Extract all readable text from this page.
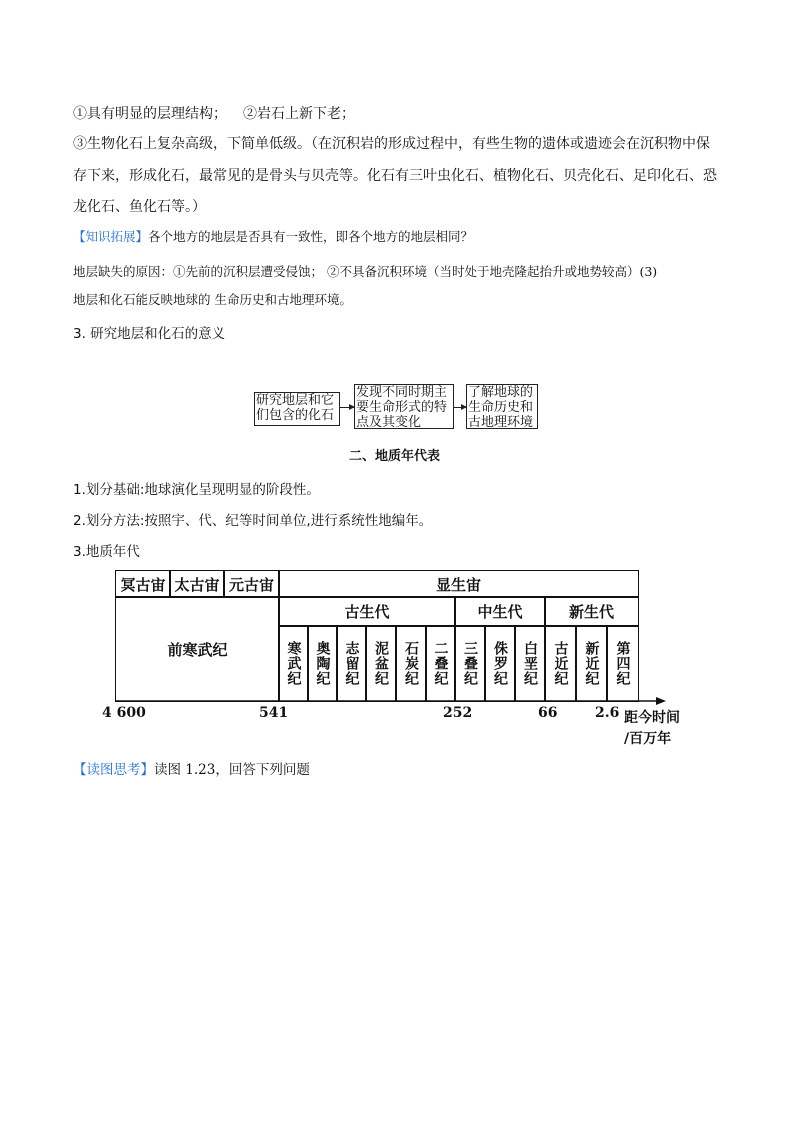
①具有明显的层理结构； ②岩石上新下老；
③生物化石上复杂高级，下简单低级。（在沉积岩的形成过程中，有些生物的遗体或遗迹会在沉积物中保
存下来，形成化石，最常见的是骨头与贝壳等。化石有三叶虫化石、植物化石、贝壳化石、足印化石、恐
龙化石、鱼化石等。）
【知识拓展】各个地方的地层是否具有一致性，即各个地方的地层相同？
地层缺失的原因：①先前的沉积层遭受侵蚀； ②不具备沉积环境（当时处于地壳隆起抬升或地势较高）(3)
地层和化石能反映地球的 生命历史和古地理环境。
3. 研究地层和化石的意义
研究地层和它
们包含的化石
发现不同时期主
要生命形式的特
点及其变化
了解地球的
生命历史和
古地理环境
二、地质年代表
1.划分基础:地球演化呈现明显的阶段性。
2.划分方法:按照宇、代、纪等时间单位,进行系统性地编年。
3.地质年代
冥古宙 太古宙 元古宙	显生宙
前寒武纪
古生代	中生代	新生代
寒武纪 奥陶纪 志留纪 泥盆纪 石炭纪 二叠纪 三叠纪 侏罗纪 白垩纪 古近纪 新近纪 第四纪
4 600	541	252	66	2.6 距今时间
/百万年
【读图思考】读图 1.23，回答下列问题
